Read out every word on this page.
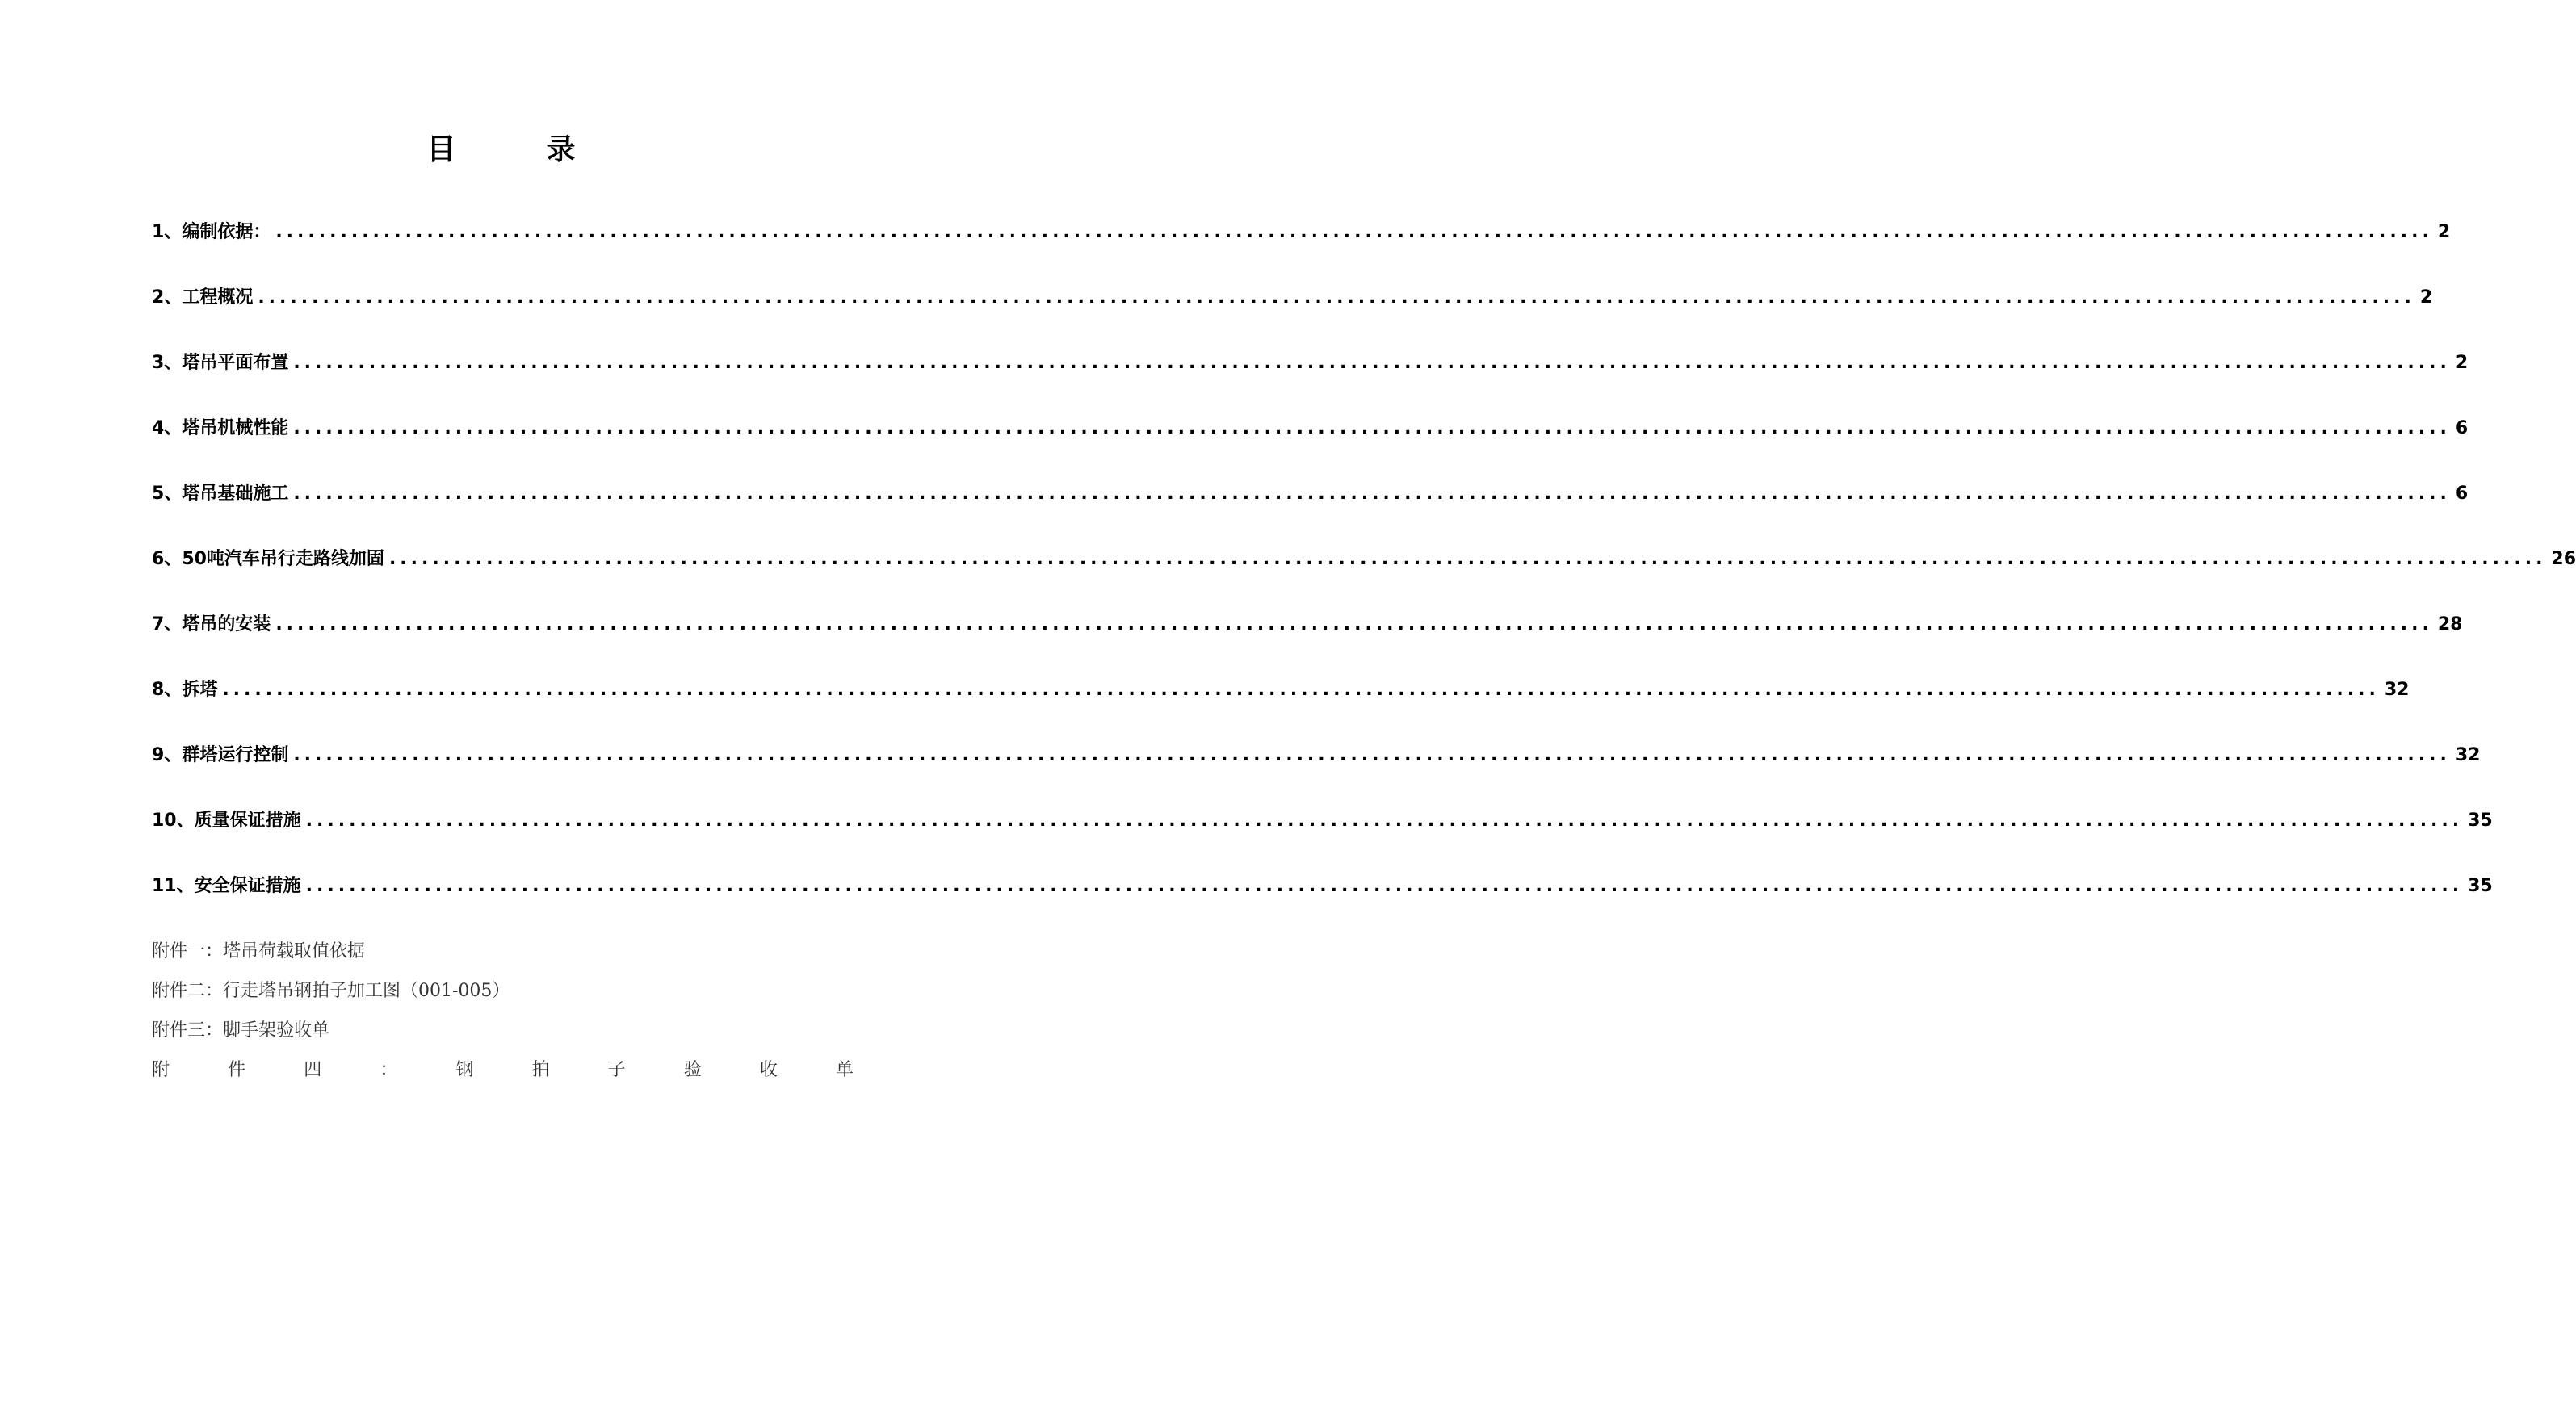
目	录
1、 编制依据： ........................................................................................................................................................................................................ 2
2、 工程概况 ........................................................................................................................................................................................................ 2
3、 塔吊平面布置 ........................................................................................................................................................................................................ 2
4、 塔吊机械性能 ........................................................................................................................................................................................................ 6
5、 塔吊基础施工 ........................................................................................................................................................................................................ 6
6、 50吨汽车吊行走路线加固 ........................................................................................................................................................................................................ 26
7、 塔吊的安装 ........................................................................................................................................................................................................ 28
8、 拆塔 ........................................................................................................................................................................................................ 32
9、 群塔运行控制 ........................................................................................................................................................................................................ 32
10、 质量保证措施 ........................................................................................................................................................................................................ 35
11、 安全保证措施 ........................................................................................................................................................................................................ 35
附件一：塔吊荷载取值依据
附件二：行走塔吊钢拍子加工图（001-005）
附件三：脚手架验收单
附	件	四	：	钢	拍	子	验	收	单
